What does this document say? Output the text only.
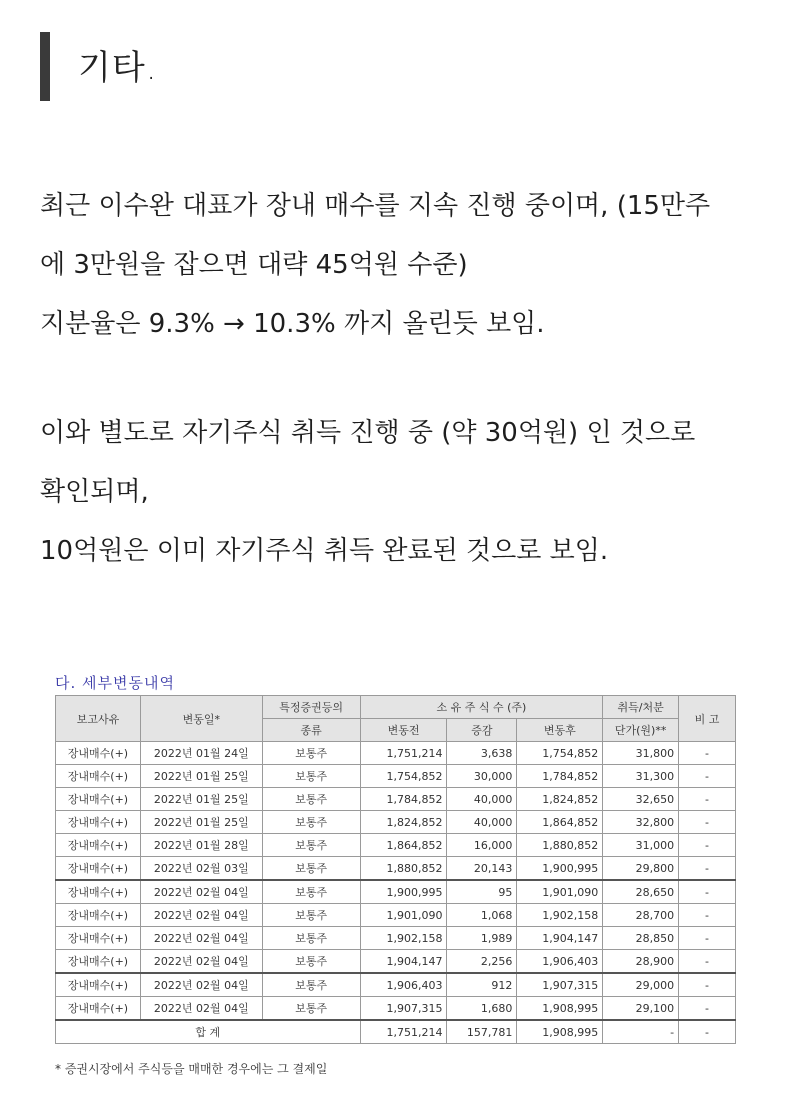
기타.
최근 이수완 대표가 장내 매수를 지속 진행 중이며, (15만주
에 3만원을 잡으면 대략 45억원 수준)
지분율은 9.3% → 10.3% 까지 올린듯 보임.
이와 별도로 자기주식 취득 진행 중 (약 30억원) 인 것으로
확인되며,
10억원은 이미 자기주식 취득 완료된 것으로 보임.
다. 세부변동내역
보고사유	변동일*	특정증권등의	소 유 주 식 수 (주)			취득/처분	비 고
		종류	변동전	증감	변동후	단가(원)**	
장내매수(+)	2022년 01월 24일	보통주	1,751,214	3,638	1,754,852	31,800	-
장내매수(+)	2022년 01월 25일	보통주	1,754,852	30,000	1,784,852	31,300	-
장내매수(+)	2022년 01월 25일	보통주	1,784,852	40,000	1,824,852	32,650	-
장내매수(+)	2022년 01월 25일	보통주	1,824,852	40,000	1,864,852	32,800	-
장내매수(+)	2022년 01월 28일	보통주	1,864,852	16,000	1,880,852	31,000	-
장내매수(+)	2022년 02월 03일	보통주	1,880,852	20,143	1,900,995	29,800	-
장내매수(+)	2022년 02월 04일	보통주	1,900,995	95	1,901,090	28,650	-
장내매수(+)	2022년 02월 04일	보통주	1,901,090	1,068	1,902,158	28,700	-
장내매수(+)	2022년 02월 04일	보통주	1,902,158	1,989	1,904,147	28,850	-
장내매수(+)	2022년 02월 04일	보통주	1,904,147	2,256	1,906,403	28,900	-
장내매수(+)	2022년 02월 04일	보통주	1,906,403	912	1,907,315	29,000	-
장내매수(+)	2022년 02월 04일	보통주	1,907,315	1,680	1,908,995	29,100	-
합 계			1,751,214	157,781	1,908,995	-	-
* 증권시장에서 주식등을 매매한 경우에는 그 결제일
